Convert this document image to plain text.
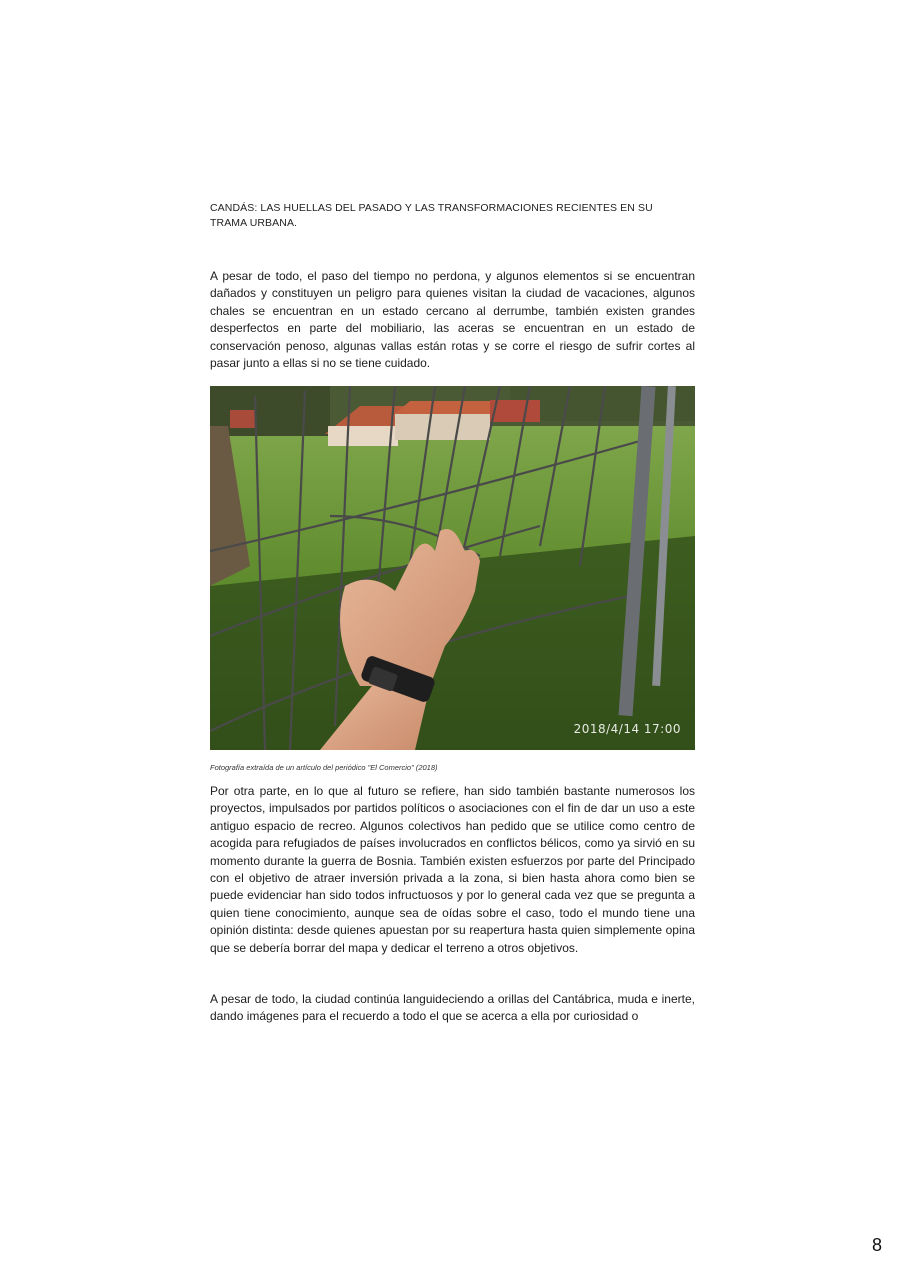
CANDÁS: LAS HUELLAS DEL PASADO Y LAS TRANSFORMACIONES RECIENTES EN SU TRAMA URBANA.

A pesar de todo, el paso del tiempo no perdona, y algunos elementos si se encuentran dañados y constituyen un peligro para quienes visitan la ciudad de vacaciones, algunos chales se encuentran en un estado cercano al derrumbe, también existen grandes desperfectos en parte del mobiliario, las aceras se encuentran en un estado de conservación penoso, algunas vallas están rotas y se corre el riesgo de sufrir cortes al pasar junto a ellas si no se tiene cuidado.

2018/4/14 17:00
Fotografía extraída de un artículo del periódico "El Comercio" (2018)

Por otra parte, en lo que al futuro se refiere, han sido también bastante numerosos los proyectos, impulsados por partidos políticos o asociaciones con el fin de dar un uso a este antiguo espacio de recreo. Algunos colectivos han pedido que se utilice como centro de acogida para refugiados de países involucrados en conflictos bélicos, como ya sirvió en su momento durante la guerra de Bosnia. También existen esfuerzos por parte del Principado con el objetivo de atraer inversión privada a la zona, si bien hasta ahora como bien se puede evidenciar han sido todos infructuosos y por lo general cada vez que se pregunta a quien tiene conocimiento, aunque sea de oídas sobre el caso, todo el mundo tiene una opinión distinta: desde quienes apuestan por su reapertura hasta quien simplemente opina que se debería borrar del mapa y dedicar el terreno a otros objetivos.

A pesar de todo, la ciudad continúa languideciendo a orillas del Cantábrica, muda e inerte, dando imágenes para el recuerdo a todo el que se acerca a ella por curiosidad o

8
